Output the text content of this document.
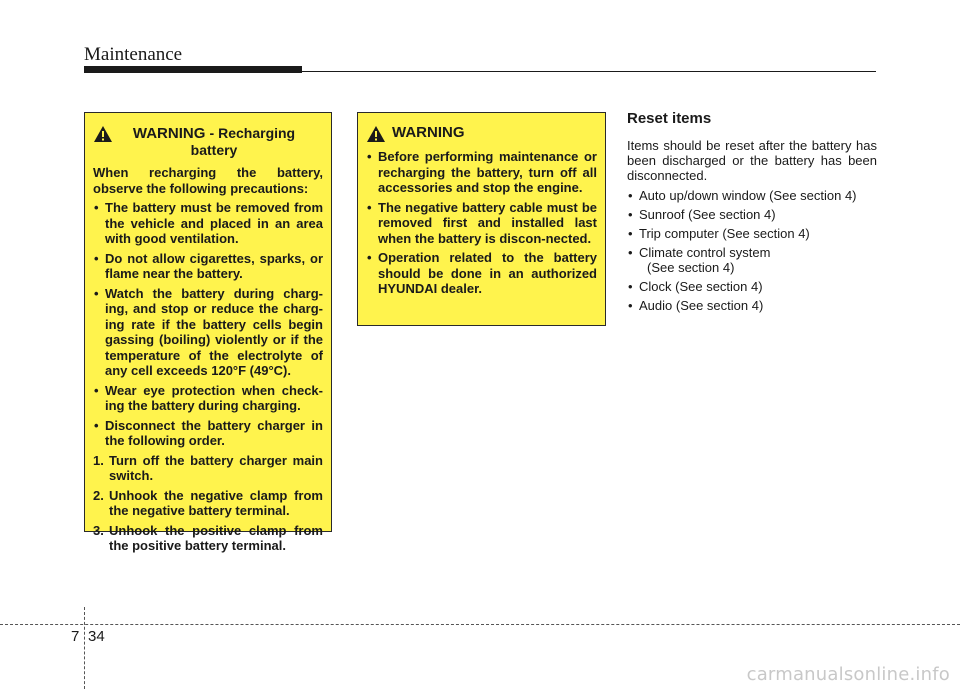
Maintenance
WARNING - Recharging battery

When recharging the battery, observe the following precautions:

• The battery must be removed from the vehicle and placed in an area with good ventilation.
• Do not allow cigarettes, sparks, or flame near the battery.
• Watch the battery during charg-ing, and stop or reduce the charg-ing rate if the battery cells begin gassing (boiling) violently or if the temperature of the electrolyte of any cell exceeds 120°F (49°C).
• Wear eye protection when check-ing the battery during charging.
• Disconnect the battery charger in the following order.
1. Turn off the battery charger main switch.
2. Unhook the negative clamp from the negative battery terminal.
3. Unhook the positive clamp from the positive battery terminal.
WARNING
• Before performing maintenance or recharging the battery, turn off all accessories and stop the engine.
• The negative battery cable must be removed first and installed last when the battery is discon-nected.
• Operation related to the battery should be done in an authorized HYUNDAI dealer.
Reset items

Items should be reset after the battery has been discharged or the battery has been disconnected.

• Auto up/down window (See section 4)
• Sunroof (See section 4)
• Trip computer (See section 4)
• Climate control system
(See section 4)
• Clock (See section 4)
• Audio (See section 4)
7 34
carmanualsonline.info
